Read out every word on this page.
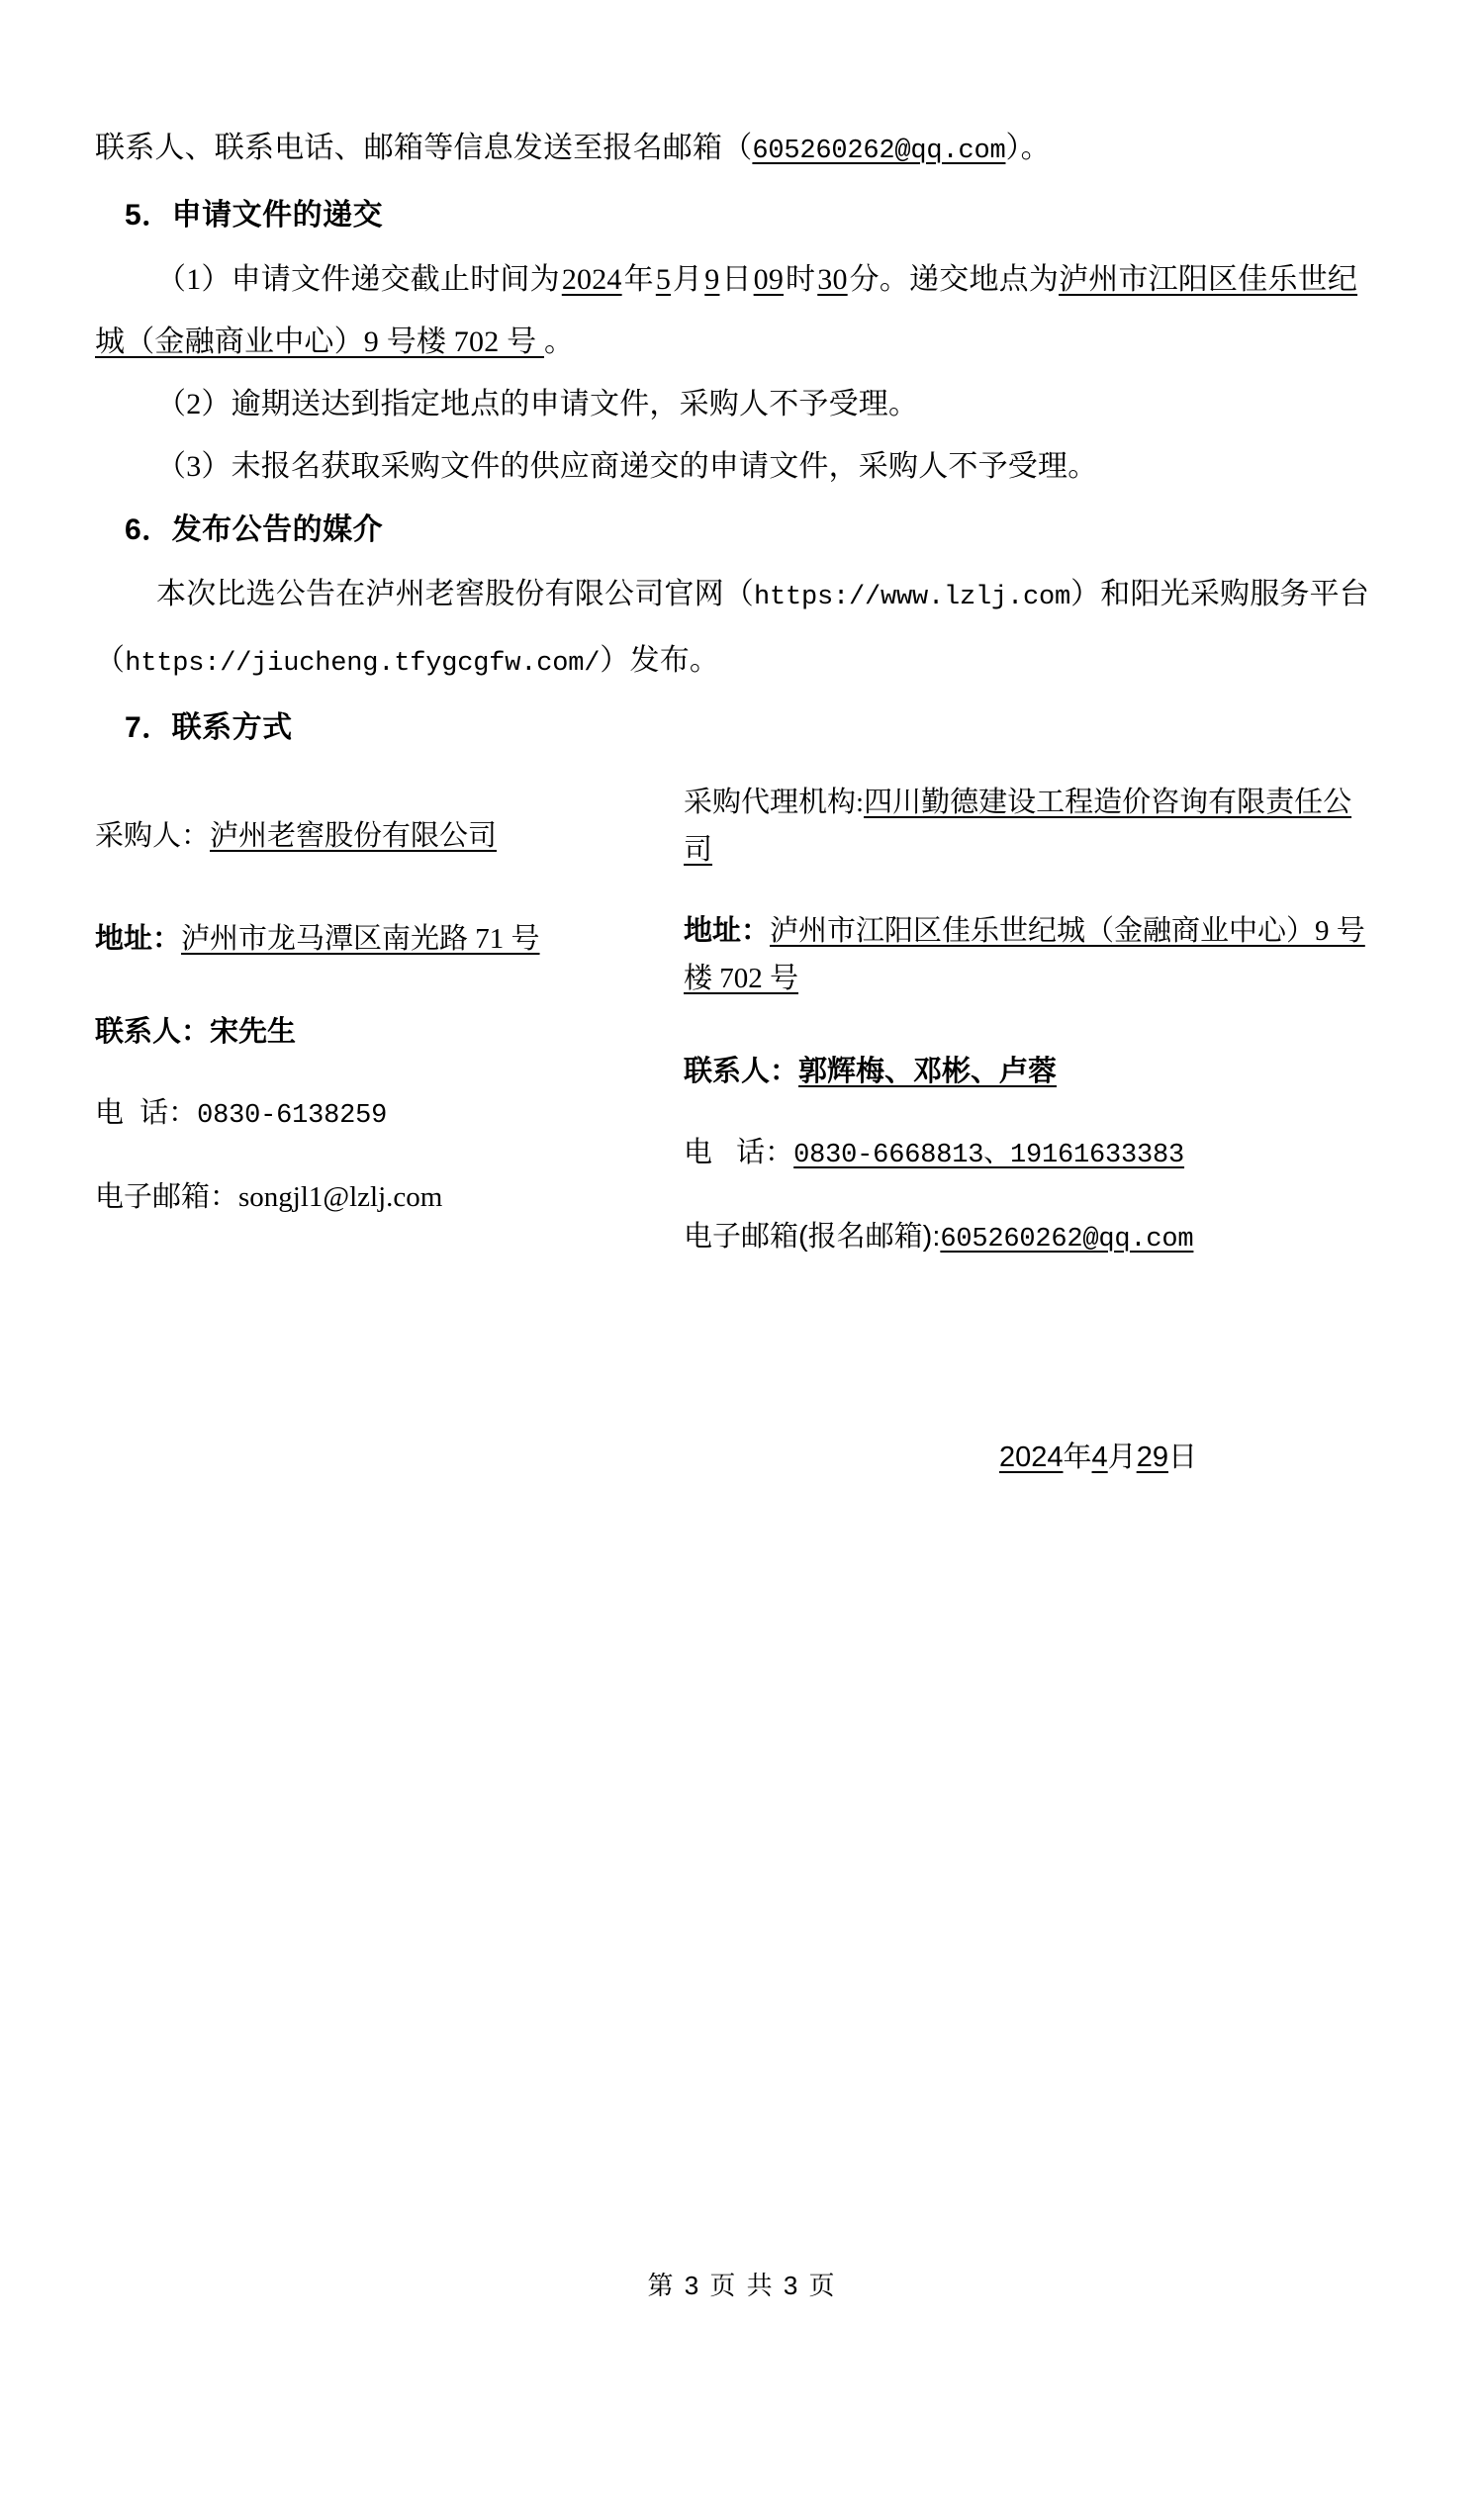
联系人、联系电话、邮箱等信息发送至报名邮箱（605260262@qq.com）。
5．申请文件的递交
（1）申请文件递交截止时间为2024年5月9日09时30分。递交地点为泸州市江阳区佳乐世纪城（金融商业中心）9 号楼 702 号 。
（2）逾期送达到指定地点的申请文件，采购人不予受理。
（3）未报名获取采购文件的供应商递交的申请文件，采购人不予受理。
6．发布公告的媒介
本次比选公告在泸州老窖股份有限公司官网（https://www.lzlj.com）和阳光采购服务平台（https://jiucheng.tfygcgfw.com/）发布。
7．联系方式
采购人：泸州老窖股份有限公司
地址：泸州市龙马潭区南光路 71 号
联系人：宋先生
电  话：0830-6138259
电子邮箱：songjl1@lzlj.com
采购代理机构:四川勤德建设工程造价咨询有限责任公司
地址：泸州市江阳区佳乐世纪城（金融商业中心）9 号楼 702 号
联系人：郭辉梅、邓彬、卢蓉
电   话：0830-6668813、19161633383
电子邮箱(报名邮箱):605260262@qq.com
2024年4月29日
第 3 页 共 3 页
